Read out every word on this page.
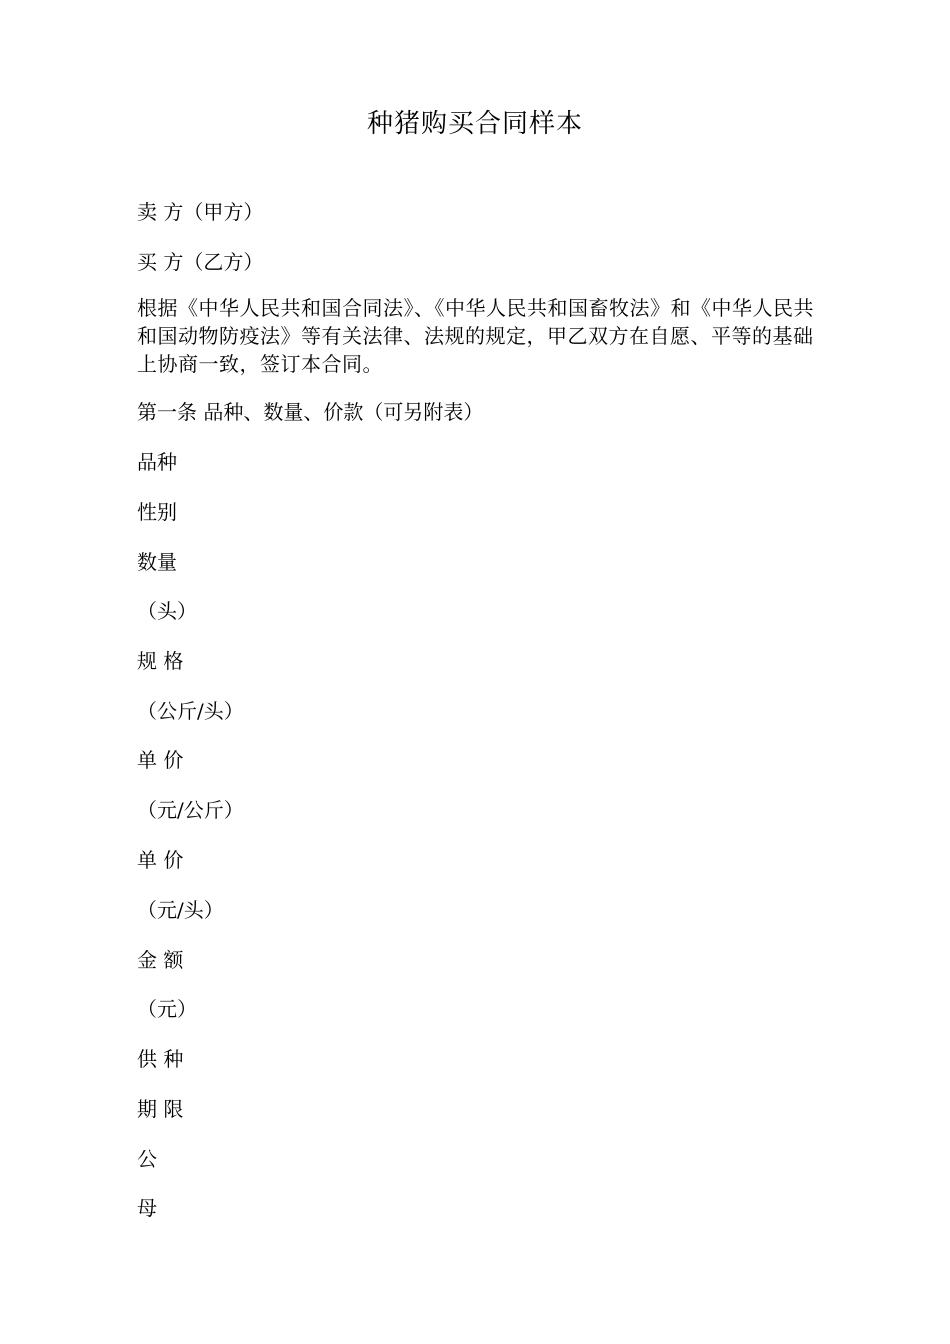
种猪购买合同样本
卖 方（甲方）
买 方（乙方）
根据《中华人民共和国合同法》、《中华人民共和国畜牧法》和《中华人民共和国动物防疫法》等有关法律、法规的规定，甲乙双方在自愿、平等的基础上协商一致，签订本合同。
第一条 品种、数量、价款（可另附表）
品种
性别
数量
（头）
规 格
（公斤/头）
单 价
（元/公斤）
单 价
（元/头）
金 额
（元）
供 种
期 限
公
母
